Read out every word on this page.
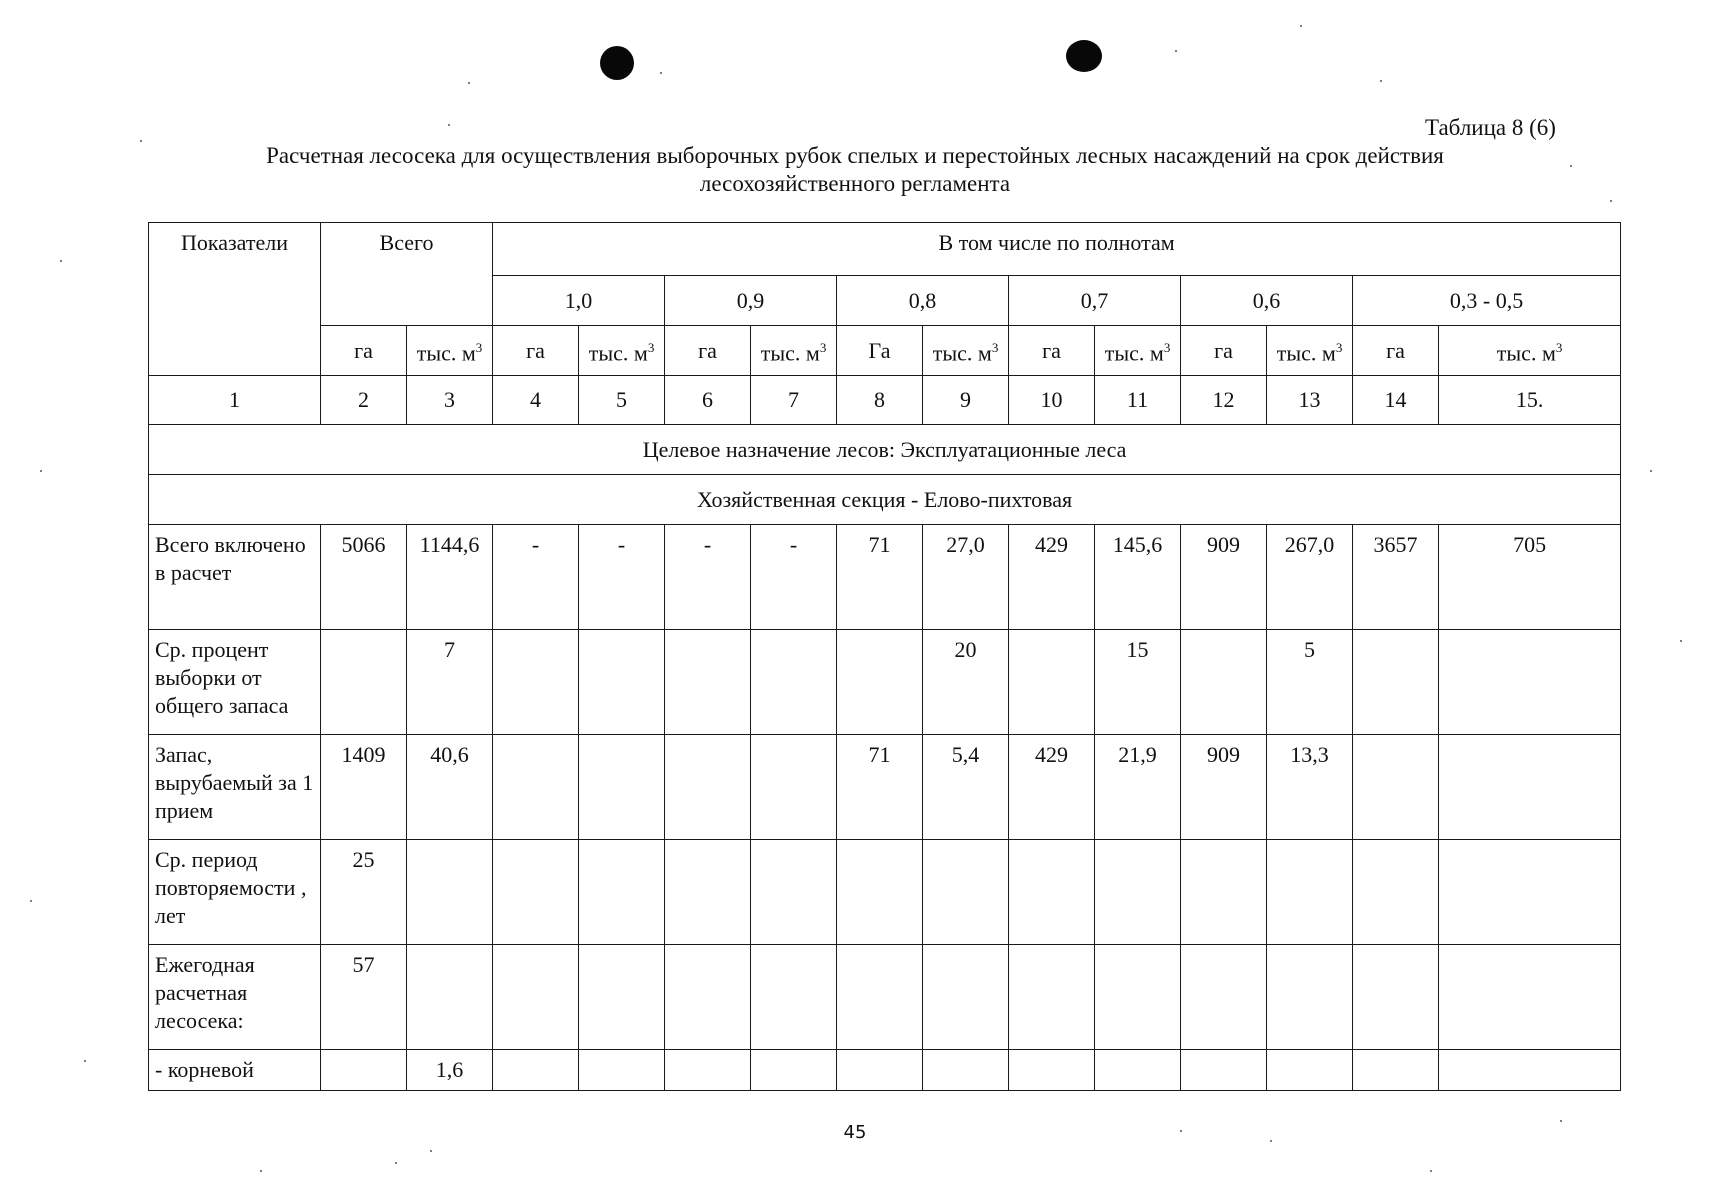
Таблица 8 (6)
Расчетная лесосека для осуществления выборочных рубок спелых и перестойных лесных насаждений на срок действия
лесохозяйственного регламента
Показатели	Всего		В том числе по полнотам											
			1,0		0,9		0,8		0,7		0,6		0,3 - 0,5	
	га	тыс. $м^3$	га	тыс. $м^3$	га	тыс. $м^3$	Га	тыс. $м^3$	га	тыс. $м^3$	га	тыс. $м^3$	га	тыс. $м^3$
1	2	3	4	5	6	7	8	9	10	11	12	13	14	15.
Целевое назначение лесов: Эксплуатационные леса														
Хозяйственная секция - Елово-пихтовая														
Всего включено в расчет	5066	1144,6	-	-	-	-	71	27,0	429	145,6	909	267,0	3657	705
Ср. процент выборки от общего запаса		7						20		15		5		
Запас, вырубаемый за 1 прием	1409	40,6					71	5,4	429	21,9	909	13,3		
Ср. период повторяемости , лет	25													
Ежегодная расчетная лесосека:	57													
- корневой		1,6												
45
